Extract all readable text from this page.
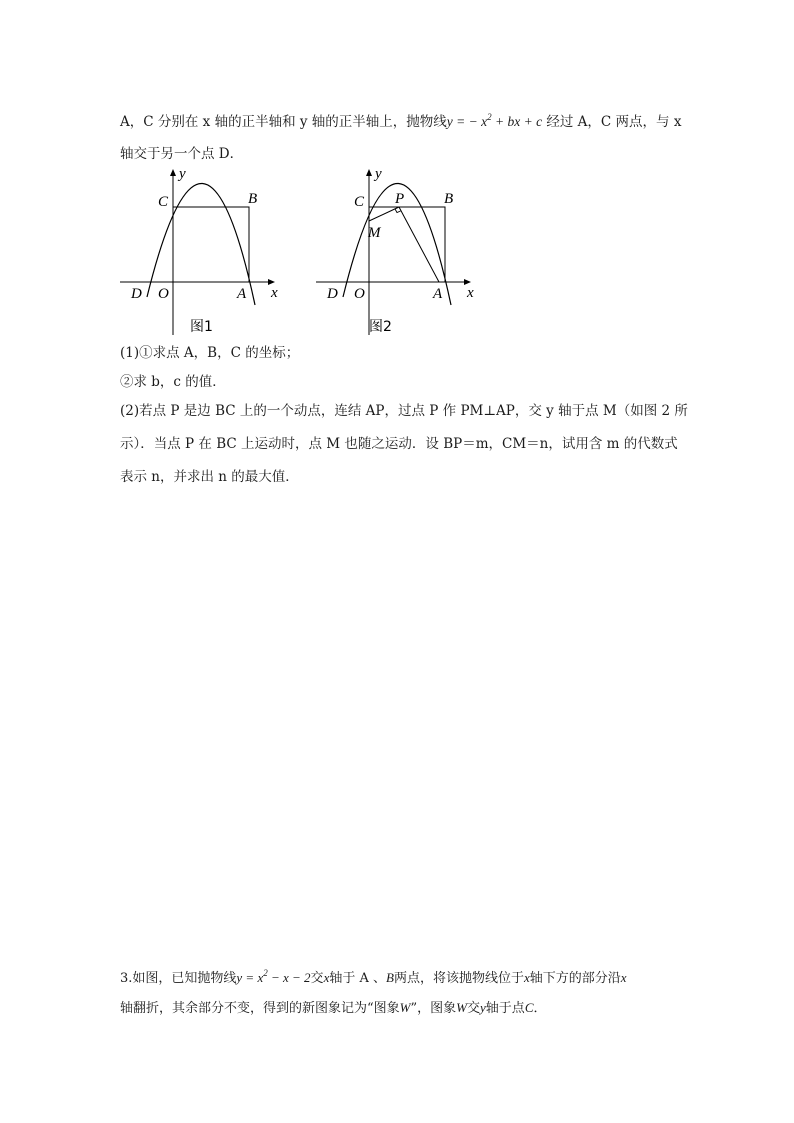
A，C 分别在 x 轴的正半轴和 y 轴的正半轴上，抛物线y = − $x^2$ + bx + c 经过 A，C 两点，与 x
轴交于另一个点 D．
y
x
C	B
D O	A
图1
y
x
C	B
P
M
D O	A
图2
(1)①求点 A，B，C 的坐标；
②求 b，c 的值．
(2)若点 P 是边 BC 上的一个动点，连结 AP，过点 P 作 PM⊥AP，交 y 轴于点 M（如图 2 所
示）．当点 P 在 BC 上运动时，点 M 也随之运动．设 BP＝m，CM＝n，试用含 m 的代数式
表示 n，并求出 n 的最大值．
3.如图，已知抛物线$y = x^2 - x - 2$交x轴于 A 、B两点，将该抛物线位于x轴下方的部分沿x
轴翻折，其余部分不变，得到的新图象记为“图象W”，图象W交y轴于点C．
